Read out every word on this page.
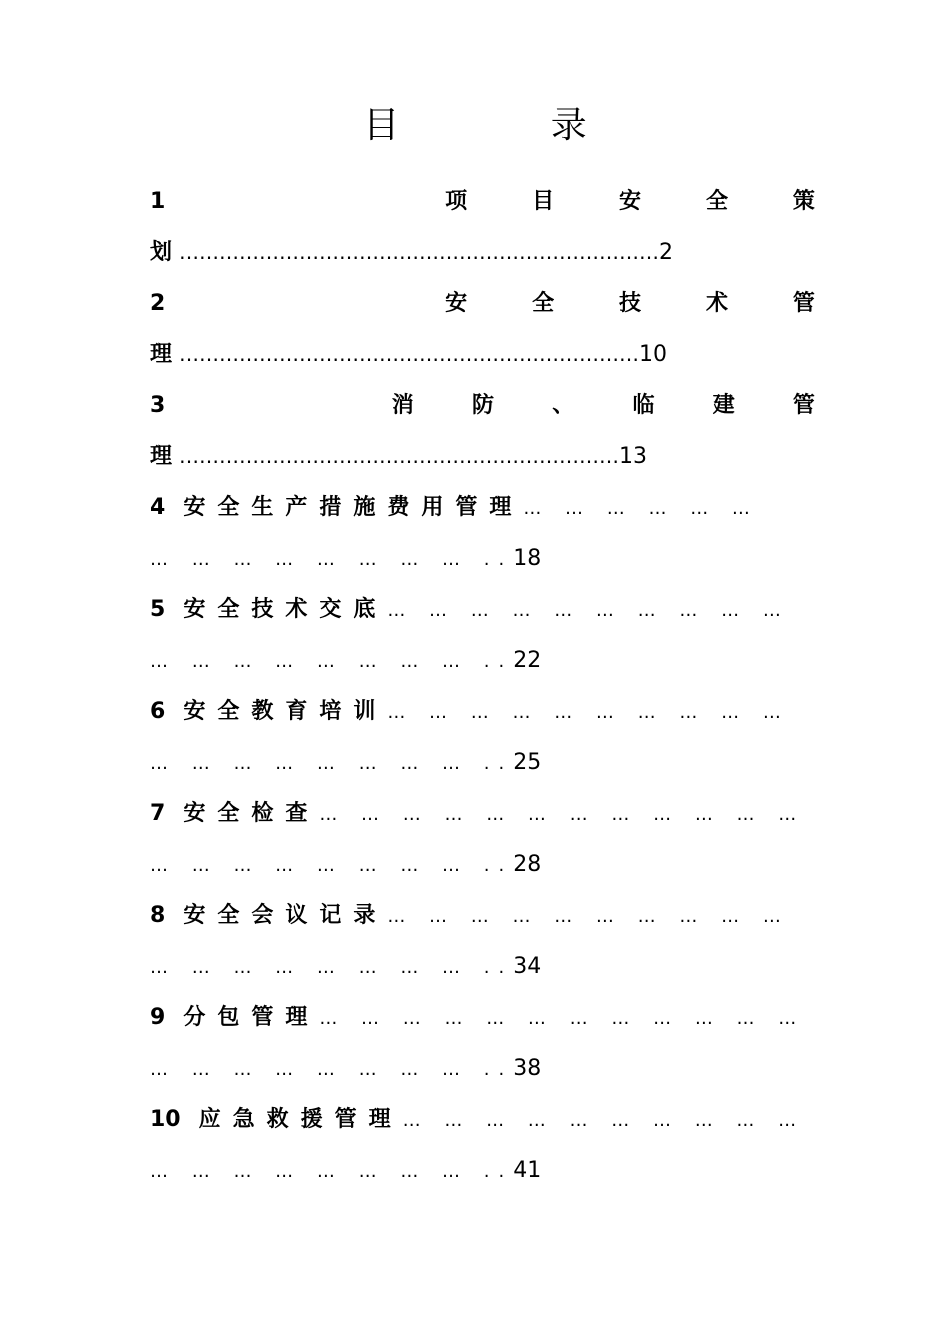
目 录
1	项	目	安	全	策
划 ………………………………………………………………2
2	安	全	技	术	管
理 ……………………………………………………………10
3	消	防	、	临	建	管
理 …………………………………………………………13
4 安全生产措施费用管理… … … … … …
… … … … … … … … ..18
5 安全技术交底… … … … … … … … … …
… … … … … … … … ..22
6 安全教育培训… … … … … … … … … …
… … … … … … … … ..25
7 安全检查… … … … … … … … … … … …
… … … … … … … … ..28
8 安全会议记录… … … … … … … … … …
… … … … … … … … ..34
9 分包管理… … … … … … … … … … … …
… … … … … … … … ..38
10 应急救援管理… … … … … … … … … …
… … … … … … … … ..41
